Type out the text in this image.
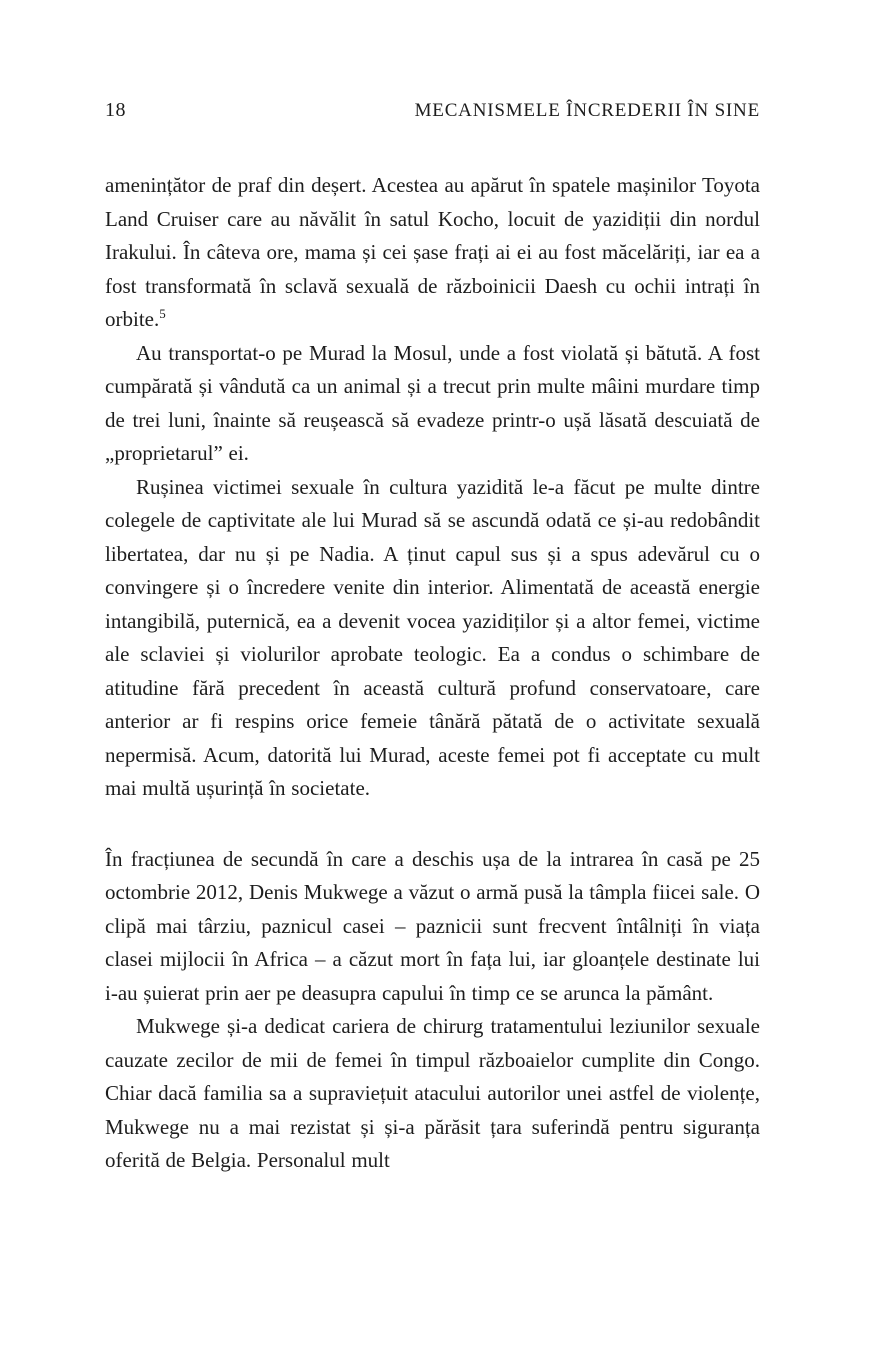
18	MECANISMELE ÎNCREDERII ÎN SINE

amenințător de praf din deșert. Acestea au apărut în spatele mașinilor Toyota Land Cruiser care au năvălit în satul Kocho, locuit de yazidiții din nordul Irakului. În câteva ore, mama și cei șase frați ai ei au fost măcelăriți, iar ea a fost transformată în sclavă sexuală de războinicii Daesh cu ochii intrați în orbite.$^5$

Au transportat-o pe Murad la Mosul, unde a fost violată și bătută. A fost cumpărată și vândută ca un animal și a trecut prin multe mâini murdare timp de trei luni, înainte să reușească să evadeze printr-o ușă lăsată descuiată de „proprietarul” ei.

Rușinea victimei sexuale în cultura yazidită le-a făcut pe multe dintre colegele de captivitate ale lui Murad să se ascundă odată ce și-au redobândit libertatea, dar nu și pe Nadia. A ținut capul sus și a spus adevărul cu o convingere și o încredere venite din interior. Alimentată de această energie intangibilă, puternică, ea a devenit vocea yazidiților și a altor femei, victime ale sclaviei și violurilor aprobate teologic. Ea a condus o schimbare de atitudine fără precedent în această cultură profund conservatoare, care anterior ar fi respins orice femeie tânără pătată de o activitate sexuală nepermisă. Acum, datorită lui Murad, aceste femei pot fi acceptate cu mult mai multă ușurință în societate.

În fracțiunea de secundă în care a deschis ușa de la intrarea în casă pe 25 octombrie 2012, Denis Mukwege a văzut o armă pusă la tâmpla fiicei sale. O clipă mai târziu, paznicul casei – paznicii sunt frecvent întâlniți în viața clasei mijlocii în Africa – a căzut mort în fața lui, iar gloanțele destinate lui i-au șuierat prin aer pe deasupra capului în timp ce se arunca la pământ.

Mukwege și-a dedicat cariera de chirurg tratamentului leziunilor sexuale cauzate zecilor de mii de femei în timpul războaielor cumplite din Congo. Chiar dacă familia sa a supraviețuit atacului autorilor unei astfel de violențe, Mukwege nu a mai rezistat și și-a părăsit țara suferindă pentru siguranța oferită de Belgia. Personalul mult
